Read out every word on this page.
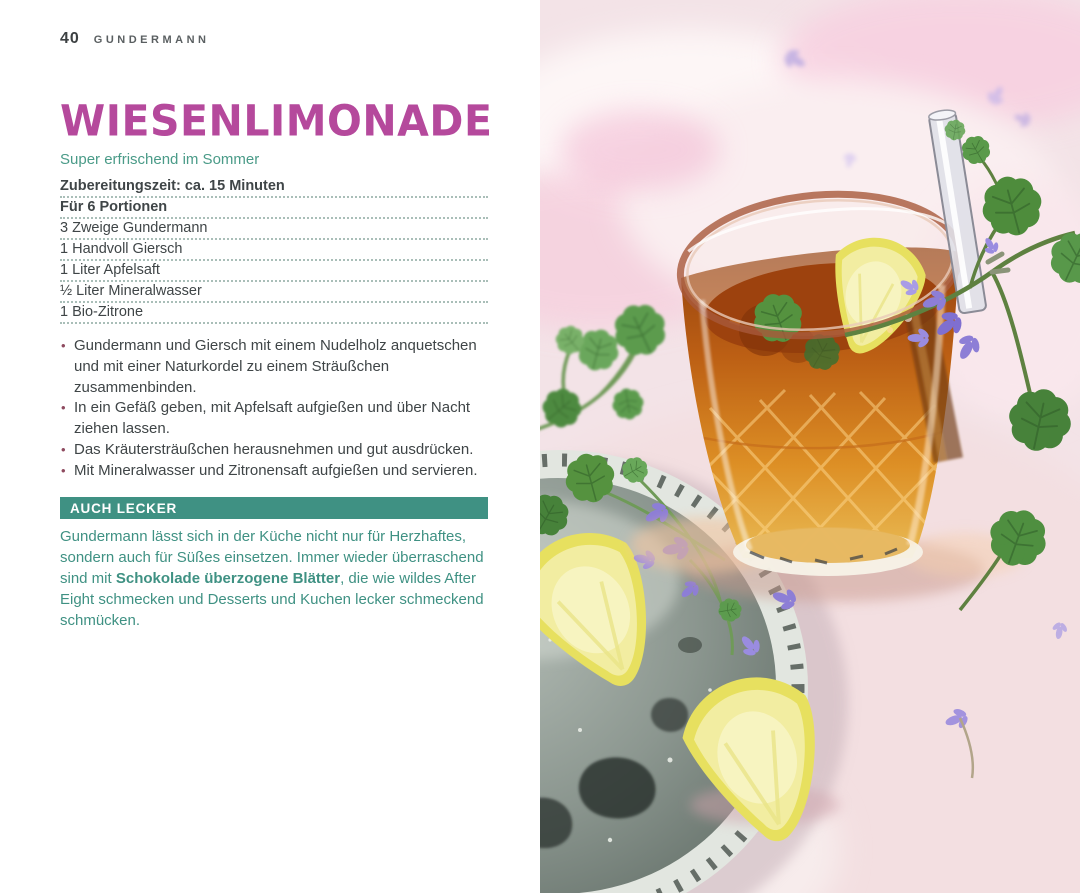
40 GUNDERMANN
WIESENLIMONADE

Super erfrischend im Sommer

Zubereitungszeit: ca. 15 Minuten
Für 6 Portionen
3 Zweige Gundermann
1 Handvoll Giersch
1 Liter Apfelsaft
½ Liter Mineralwasser
1 Bio-Zitrone
• Gundermann und Giersch mit einem Nudelholz anquetschen und mit einer Naturkordel zu einem Sträußchen zusammenbinden.
• In ein Gefäß geben, mit Apfelsaft aufgießen und über Nacht ziehen lassen.
• Das Kräutersträußchen herausnehmen und gut ausdrücken.
• Mit Mineralwasser und Zitronensaft aufgießen und servieren.
AUCH LECKER

Gundermann lässt sich in der Küche nicht nur für Herzhaftes, sondern auch für Süßes einsetzen. Immer wieder überraschend sind mit Schokolade überzogene Blätter, die wie wildes After Eight schmecken und Desserts und Kuchen lecker schmeckend schmücken.
